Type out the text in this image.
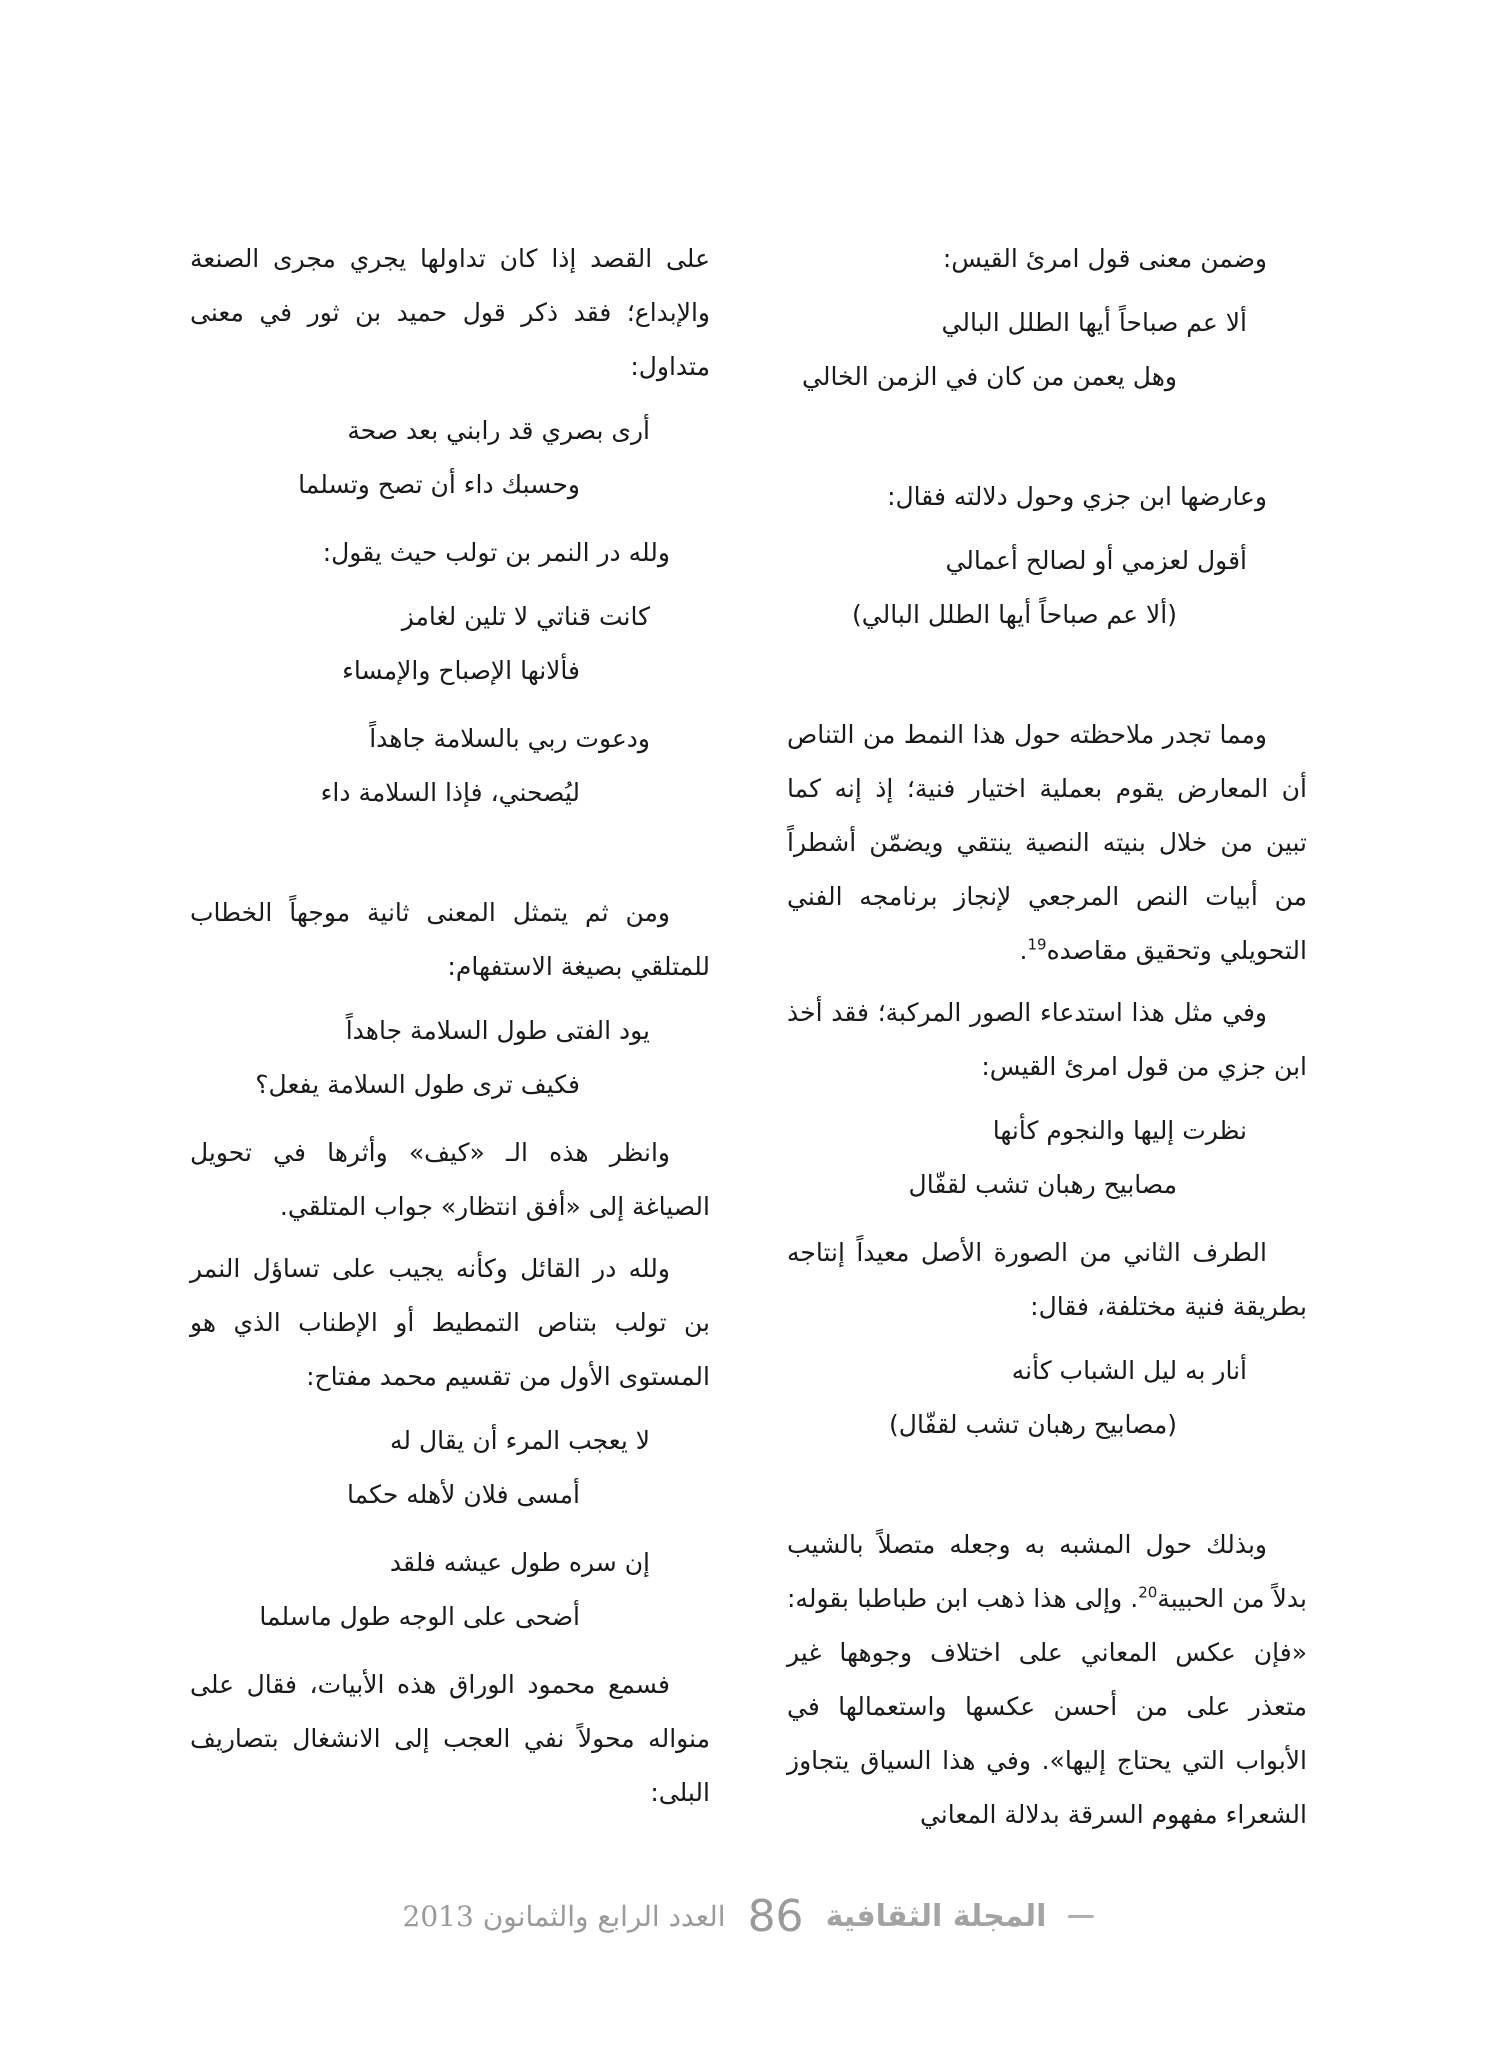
وضمن معنى قول امرئ القيس:

ألا عم صباحاً أيها الطلل البالي
وهل يعمن من كان في الزمن الخالي

وعارضها ابن جزي وحول دلالته فقال:

أقول لعزمي أو لصالح أعمالي
(ألا عم صباحاً أيها الطلل البالي)

ومما تجدر ملاحظته حول هذا النمط من التناص أن المعارض يقوم بعملية اختيار فنية؛ إذ إنه كما تبين من خلال بنيته النصية ينتقي ويضمّن أشطراً من أبيات النص المرجعي لإنجاز برنامجه الفني التحويلي وتحقيق مقاصده$^{19}$.

وفي مثل هذا استدعاء الصور المركبة؛ فقد أخذ ابن جزي من قول امرئ القيس:

نظرت إليها والنجوم كأنها
مصابيح رهبان تشب لقفّال

الطرف الثاني من الصورة الأصل معيداً إنتاجه بطريقة فنية مختلفة، فقال:

أنار به ليل الشباب كأنه
(مصابيح رهبان تشب لقفّال)

وبذلك حول المشبه به وجعله متصلاً بالشيب بدلاً من الحبيبة$^{20}$. وإلى هذا ذهب ابن طباطبا بقوله: «فإن عكس المعاني على اختلاف وجوهها غير متعذر على من أحسن عكسها واستعمالها في الأبواب التي يحتاج إليها». وفي هذا السياق يتجاوز الشعراء مفهوم السرقة بدلالة المعاني

على القصد إذا كان تداولها يجري مجرى الصنعة والإبداع؛ فقد ذكر قول حميد بن ثور في معنى متداول:

أرى بصري قد رابني بعد صحة
وحسبك داء أن تصح وتسلما

ولله در النمر بن تولب حيث يقول:

كانت قناتي لا تلين لغامز
فألانها الإصباح والإمساء
ودعوت ربي بالسلامة جاهداً
ليُصحني، فإذا السلامة داء

ومن ثم يتمثل المعنى ثانية موجهاً الخطاب للمتلقي بصيغة الاستفهام:

يود الفتى طول السلامة جاهداً
فكيف ترى طول السلامة يفعل؟

وانظر هذه الـ «كيف» وأثرها في تحويل الصياغة إلى «أفق انتظار» جواب المتلقي.

ولله در القائل وكأنه يجيب على تساؤل النمر بن تولب بتناص التمطيط أو الإطناب الذي هو المستوى الأول من تقسيم محمد مفتاح:

لا يعجب المرء أن يقال له
أمسى فلان لأهله حكما
إن سره طول عيشه فلقد
أضحى على الوجه طول ماسلما

فسمع محمود الوراق هذه الأبيات، فقال على منواله محولاً نفي العجب إلى الانشغال بتصاريف البلى:

المجلة الثقافية
86
العدد الرابع والثمانون 2013
